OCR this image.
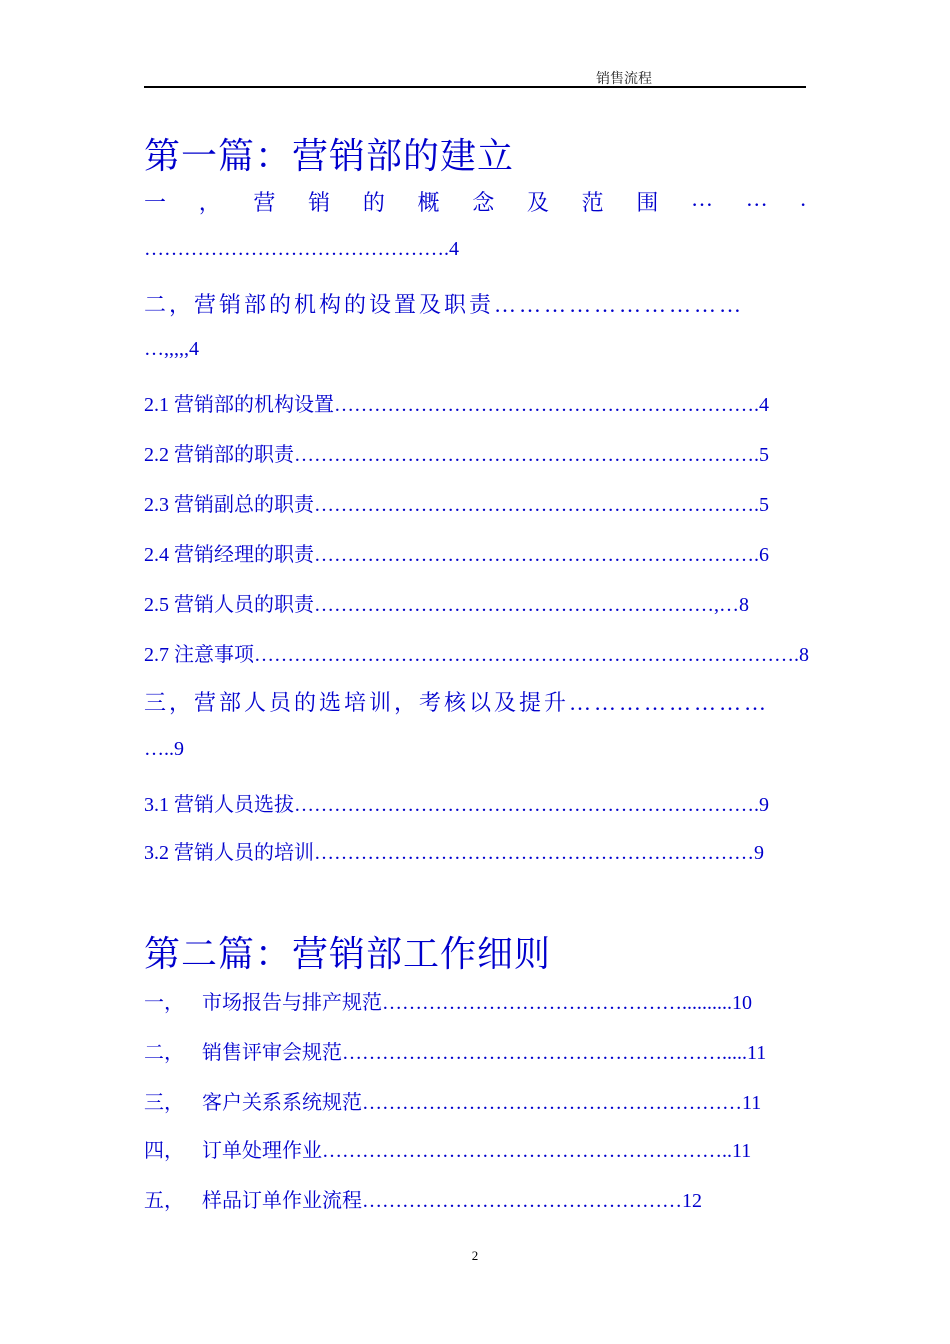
销售流程
第一篇：营销部的建立
一 ， 营 销 的 概 念 及 范 围 … … .
……………………………………….4
二，营销部的机构的设置及职责…………………………
…,,,,,4
2.1 营销部的机构设置……………………………………………………….4
2.2 营销部的职责…………………………………………………………….5
2.3 营销副总的职责………………………………………………………….5
2.4 营销经理的职责………………………………………………………….6
2.5 营销人员的职责……………………………………………………,…8
2.7 注意事项……………………………………………………………………….8
三，营部人员的选培训，考核以及提升……………………
…..9
3.1 营销人员选拔…………………………………………………………….9
3.2 营销人员的培训…………………………………………………………9
第二篇：营销部工作细则
一， 市场报告与排产规范………………………………………..........10
二， 销售评审会规范………………………………………………….....11
三， 客户关系系统规范…………………………………………………11
四， 订单处理作业……………………………………………………..11
五， 样品订单作业流程…………………………………………12
2
